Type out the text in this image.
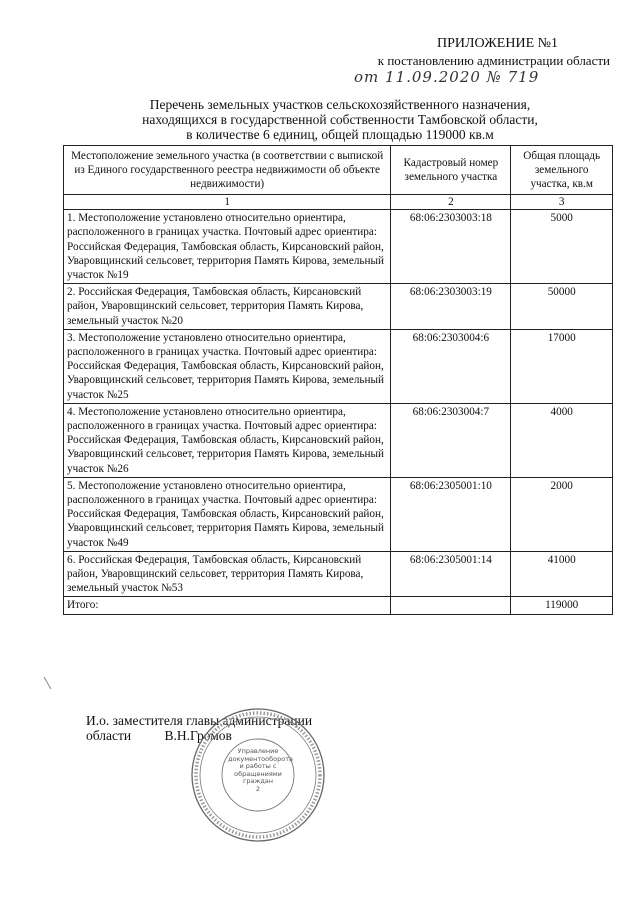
ПРИЛОЖЕНИЕ №1
к постановлению администрации области
от 11.09.2020 № 719
Перечень земельных участков сельскохозяйственного назначения,
находящихся в государственной собственности Тамбовской области,
в количестве 6 единиц, общей площадью 119000 кв.м
Местоположение земельного участка (в соответствии с выпиской из Единого государственного реестра недвижимости об объекте недвижимости)	Кадастровый номер земельного участка	Общая площадь земельного участка, кв.м
1	2	3
1. Местоположение установлено относительно ориентира, расположенного в границах участка. Почтовый адрес ориентира: Российская Федерация, Тамбовская область, Кирсановский район, Уваровщинский сельсовет, территория Память Кирова, земельный участок №19	68:06:2303003:18	5000
2. Российская Федерация, Тамбовская область, Кирсановский район, Уваровщинский сельсовет, территория Память Кирова, земельный участок №20	68:06:2303003:19	50000
3. Местоположение установлено относительно ориентира, расположенного в границах участка. Почтовый адрес ориентира: Российская Федерация, Тамбовская область, Кирсановский район, Уваровщинский сельсовет, территория Память Кирова, земельный участок №25	68:06:2303004:6	17000
4. Местоположение установлено относительно ориентира, расположенного в границах участка. Почтовый адрес ориентира: Российская Федерация, Тамбовская область, Кирсановский район, Уваровщинский сельсовет, территория Память Кирова, земельный участок №26	68:06:2303004:7	4000
5. Местоположение установлено относительно ориентира, расположенного в границах участка. Почтовый адрес ориентира: Российская Федерация, Тамбовская область, Кирсановский район, Уваровщинский сельсовет, территория Память Кирова, земельный участок №49	68:06:2305001:10	2000
6. Российская Федерация, Тамбовская область, Кирсановский район, Уваровщинский сельсовет, территория Память Кирова, земельный участок №53	68:06:2305001:14	41000
Итого:		119000
И.о. заместителя главы администрации
области В.Н.Громов
Управление документооборота и работы с обращениями граждан
2
